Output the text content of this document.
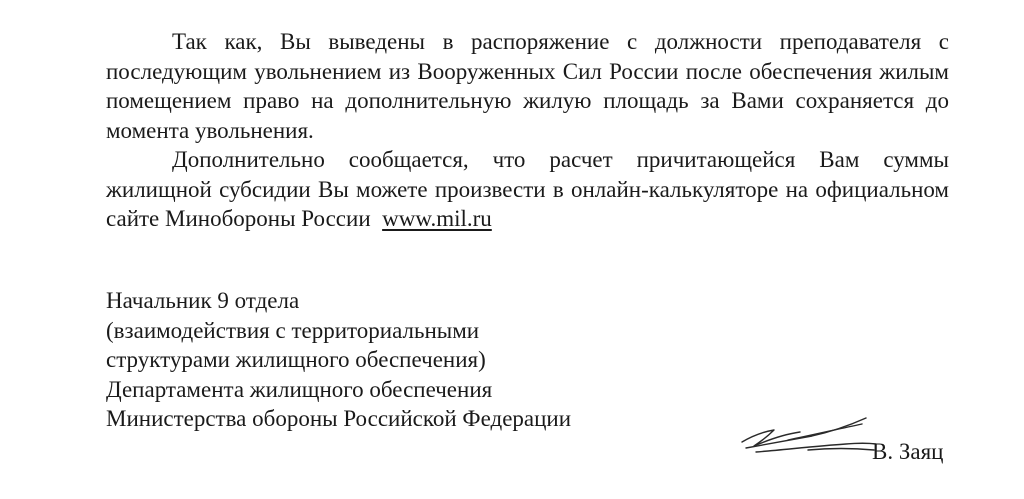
Так как, Вы выведены в распоряжение с должности преподавателя с последующим увольнением из Вооруженных Сил России после обеспечения жилым помещением право на дополнительную жилую площадь за Вами сохраняется до момента увольнения.

Дополнительно сообщается, что расчет причитающейся Вам суммы жилищной субсидии Вы можете произвести в онлайн-калькуляторе на официальном сайте Минобороны России www.mil.ru

Начальник 9 отдела
(взаимодействия с территориальными
структурами жилищного обеспечения)
Департамента жилищного обеспечения
Министерства обороны Российской Федерации
В. Заяц
